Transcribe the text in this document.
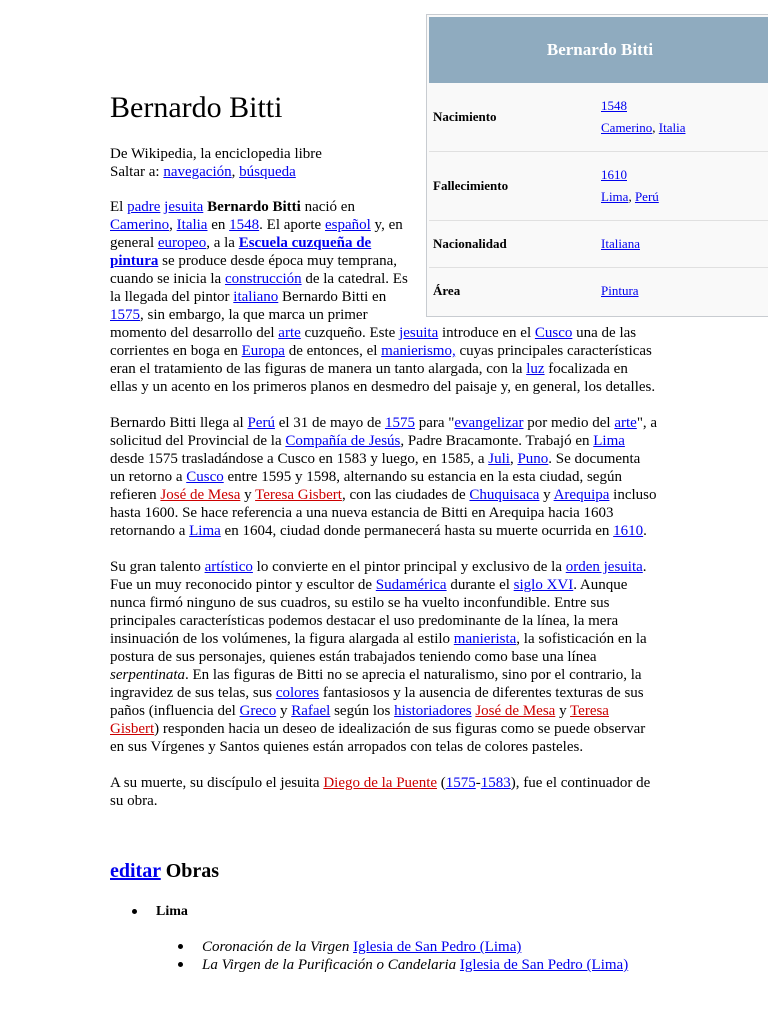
Bernardo Bitti
De Wikipedia, la enciclopedia libre
Saltar a: navegación, búsqueda
Bernardo Bitti
Nacimiento	1548
Camerino, Italia

Fallecimiento	1610
Lima, Perú

Nacionalidad	Italiana

Área	Pintura

El padre jesuita Bernardo Bitti nació en Camerino, Italia en 1548. El aporte español y, en general europeo, a la Escuela cuzqueña de pintura se produce desde época muy temprana, cuando se inicia la construcción de la catedral. Es la llegada del pintor italiano Bernardo Bitti en 1575, sin embargo, la que marca un primer momento del desarrollo del arte cuzqueño. Este jesuita introduce en el Cusco una de las corrientes en boga en Europa de entonces, el manierismo, cuyas principales características eran el tratamiento de las figuras de manera un tanto alargada, con la luz focalizada en ellas y un acento en los primeros planos en desmedro del paisaje y, en general, los detalles.

Bernardo Bitti llega al Perú el 31 de mayo de 1575 para "evangelizar por medio del arte", a solicitud del Provincial de la Compañía de Jesús, Padre Bracamonte. Trabajó en Lima desde 1575 trasladándose a Cusco en 1583 y luego, en 1585, a Juli, Puno. Se documenta un retorno a Cusco entre 1595 y 1598, alternando su estancia en la esta ciudad, según refieren José de Mesa y Teresa Gisbert, con las ciudades de Chuquisaca y Arequipa incluso hasta 1600. Se hace referencia a una nueva estancia de Bitti en Arequipa hacia 1603 retornando a Lima en 1604, ciudad donde permanecerá hasta su muerte ocurrida en 1610.

Su gran talento artístico lo convierte en el pintor principal y exclusivo de la orden jesuita. Fue un muy reconocido pintor y escultor de Sudamérica durante el siglo XVI. Aunque nunca firmó ninguno de sus cuadros, su estilo se ha vuelto inconfundible. Entre sus principales características podemos destacar el uso predominante de la línea, la mera insinuación de los volúmenes, la figura alargada al estilo manierista, la sofisticación en la postura de sus personajes, quienes están trabajados teniendo como base una línea serpentinata. En las figuras de Bitti no se aprecia el naturalismo, sino por el contrario, la ingravidez de sus telas, sus colores fantasiosos y la ausencia de diferentes texturas de sus paños (influencia del Greco y Rafael según los historiadores José de Mesa y Teresa Gisbert) responden hacia un deseo de idealización de sus figuras como se puede observar en sus Vírgenes y Santos quienes están arropados con telas de colores pasteles.

A su muerte, su discípulo el jesuita Diego de la Puente (1575-1583), fue el continuador de su obra.

editar Obras
Lima
Coronación de la Virgen Iglesia de San Pedro (Lima)
La Virgen de la Purificación o Candelaria Iglesia de San Pedro (Lima)
